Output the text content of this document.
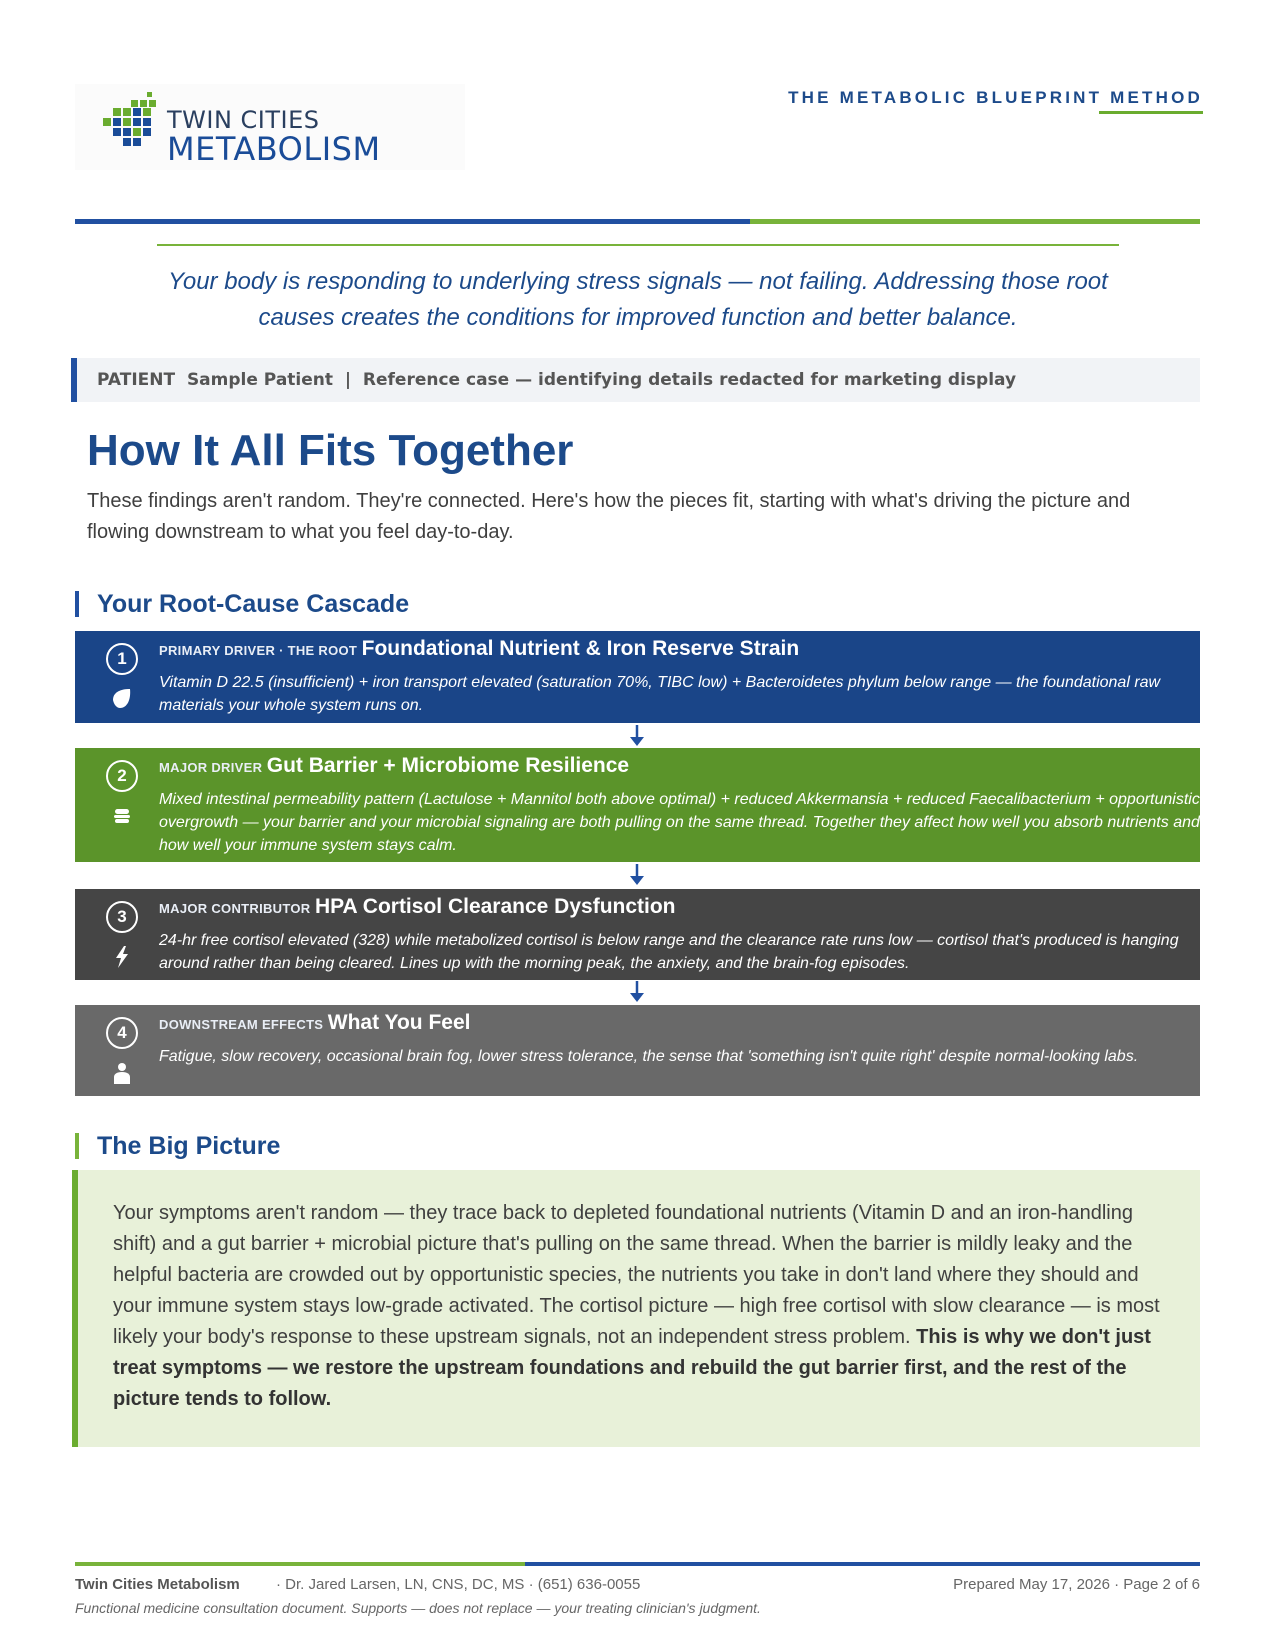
TWIN CITIES
METABOLISM
THE METABOLIC BLUEPRINT METHOD
Your body is responding to underlying stress signals — not failing. Addressing those root causes creates the conditions for improved function and better balance.
PATIENT Sample Patient | Reference case — identifying details redacted for marketing display
How It All Fits Together

These findings aren't random. They're connected. Here's how the pieces fit, starting with what's driving the picture and flowing downstream to what you feel day-to-day.

Your Root-Cause Cascade
1	PRIMARY DRIVER · THE ROOT Foundational Nutrient & Iron Reserve Strain
Vitamin D 22.5 (insufficient) + iron transport elevated (saturation 70%, TIBC low) + Bacteroidetes phylum below range — the foundational raw materials your whole system runs on.
2	MAJOR DRIVER Gut Barrier + Microbiome Resilience
Mixed intestinal permeability pattern (Lactulose + Mannitol both above optimal) + reduced Akkermansia + reduced Faecalibacterium + opportunistic overgrowth — your barrier and your microbial signaling are both pulling on the same thread. Together they affect how well you absorb nutrients and how well your immune system stays calm.
3	MAJOR CONTRIBUTOR HPA Cortisol Clearance Dysfunction
24-hr free cortisol elevated (328) while metabolized cortisol is below range and the clearance rate runs low — cortisol that's produced is hanging around rather than being cleared. Lines up with the morning peak, the anxiety, and the brain-fog episodes.
4	DOWNSTREAM EFFECTS What You Feel
Fatigue, slow recovery, occasional brain fog, lower stress tolerance, the sense that 'something isn't quite right' despite normal-looking labs.
The Big Picture
Your symptoms aren't random — they trace back to depleted foundational nutrients (Vitamin D and an iron-handling shift) and a gut barrier + microbial picture that's pulling on the same thread. When the barrier is mildly leaky and the helpful bacteria are crowded out by opportunistic species, the nutrients you take in don't land where they should and your immune system stays low-grade activated. The cortisol picture — high free cortisol with slow clearance — is most likely your body's response to these upstream signals, not an independent stress problem. This is why we don't just treat symptoms — we restore the upstream foundations and rebuild the gut barrier first, and the rest of the picture tends to follow.
Twin Cities Metabolism · Dr. Jared Larsen, LN, CNS, DC, MS · (651) 636-0055	Prepared May 17, 2026 · Page 2 of 6
Functional medicine consultation document. Supports — does not replace — your treating clinician's judgment.
